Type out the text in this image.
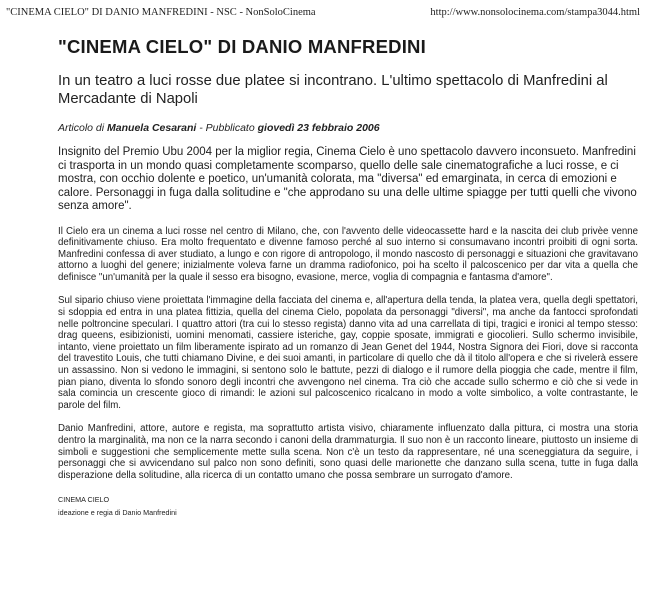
"CINEMA CIELO" DI DANIO MANFREDINI - NSC - NonSoloCinema	http://www.nonsolocinema.com/stampa3044.html
"CINEMA CIELO" DI DANIO MANFREDINI

In un teatro a luci rosse due platee si incontrano. L'ultimo spettacolo di Manfredini al Mercadante di Napoli

Articolo di Manuela Cesarani - Pubblicato giovedì 23 febbraio 2006

Insignito del Premio Ubu 2004 per la miglior regia, Cinema Cielo è uno spettacolo davvero inconsueto. Manfredini ci trasporta in un mondo quasi completamente scomparso, quello delle sale cinematografiche a luci rosse, e ci mostra, con occhio dolente e poetico, un'umanità colorata, ma "diversa" ed emarginata, in cerca di emozioni e calore. Personaggi in fuga dalla solitudine e "che approdano su una delle ultime spiagge per tutti quelli che vivono senza amore".

Il Cielo era un cinema a luci rosse nel centro di Milano, che, con l'avvento delle videocassette hard e la nascita dei club privèe venne definitivamente chiuso. Era molto frequentato e divenne famoso perché al suo interno si consumavano incontri proibiti di ogni sorta. Manfredini confessa di aver studiato, a lungo e con rigore di antropologo, il mondo nascosto di personaggi e situazioni che gravitavano attorno a luoghi del genere; inizialmente voleva farne un dramma radiofonico, poi ha scelto il palcoscenico per dar vita a quella che definisce "un'umanità per la quale il sesso era bisogno, evasione, merce, voglia di compagnia e fantasma d'amore".

Sul sipario chiuso viene proiettata l'immagine della facciata del cinema e, all'apertura della tenda, la platea vera, quella degli spettatori, si sdoppia ed entra in una platea fittizia, quella del cinema Cielo, popolata da personaggi "diversi", ma anche da fantocci sprofondati nelle poltroncine speculari. I quattro attori (tra cui lo stesso regista) danno vita ad una carrellata di tipi, tragici e ironici al tempo stesso: drag queens, esibizionisti, uomini menomati, cassiere isteriche, gay, coppie sposate, immigrati e giocolieri. Sullo schermo invisibile, intanto, viene proiettato un film liberamente ispirato ad un romanzo di Jean Genet del 1944, Nostra Signora dei Fiori, dove si racconta del travestito Louis, che tutti chiamano Divine, e dei suoi amanti, in particolare di quello che dà il titolo all'opera e che si rivelerà essere un assassino. Non si vedono le immagini, si sentono solo le battute, pezzi di dialogo e il rumore della pioggia che cade, mentre il film, pian piano, diventa lo sfondo sonoro degli incontri che avvengono nel cinema. Tra ciò che accade sullo schermo e ciò che si vede in sala comincia un crescente gioco di rimandi: le azioni sul palcoscenico ricalcano in modo a volte simbolico, a volte contrastante, le parole del film.

Danio Manfredini, attore, autore e regista, ma soprattutto artista visivo, chiaramente influenzato dalla pittura, ci mostra una storia dentro la marginalità, ma non ce la narra secondo i canoni della drammaturgia. Il suo non è un racconto lineare, piuttosto un insieme di simboli e suggestioni che semplicemente mette sulla scena. Non c'è un testo da rappresentare, né una sceneggiatura da seguire, i personaggi che si avvicendano sul palco non sono definiti, sono quasi delle marionette che danzano sulla scena, tutte in fuga dalla disperazione della solitudine, alla ricerca di un contatto umano che possa sembrare un surrogato d'amore.

CINEMA CIELO
ideazione e regia di Danio Manfredini
